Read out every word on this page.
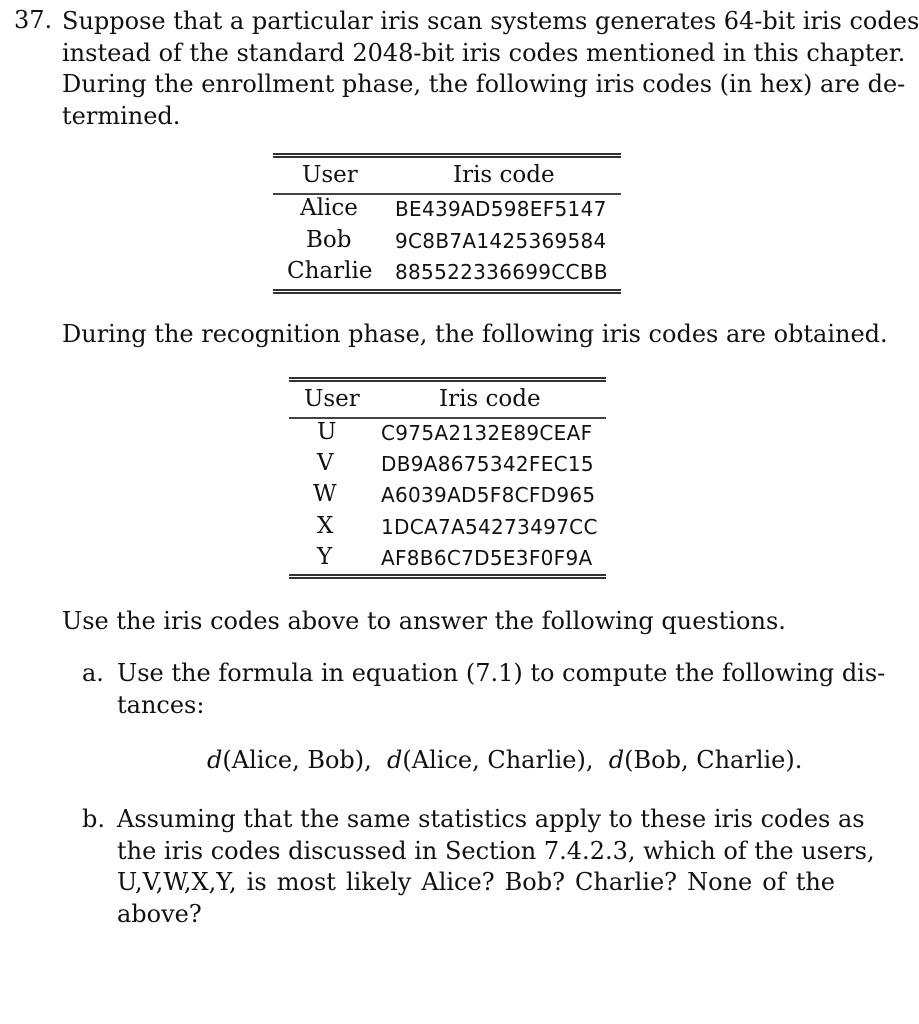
37. Suppose that a particular iris scan systems generates 64-bit iris codes
instead of the standard 2048-bit iris codes mentioned in this chapter.
During the enrollment phase, the following iris codes (in hex) are de-
termined.
User	Iris code
Alice BE439AD598EF5147
Bob 9C8B7A1425369584
Charlie 885522336699CCBB
During the recognition phase, the following iris codes are obtained.
User	Iris code
U C975A2132E89CEAF
V DB9A8675342FEC15
W A6039AD5F8CFD965
X 1DCA7A54273497CC
Y AF8B6C7D5E3F0F9A
Use the iris codes above to answer the following questions.
a. Use the formula in equation (7.1) to compute the following dis-
tances:
d(Alice, Bob), d(Alice, Charlie), d(Bob, Charlie).
b. Assuming that the same statistics apply to these iris codes as
the iris codes discussed in Section 7.4.2.3, which of the users,
U,V,W,X,Y, is most likely Alice? Bob? Charlie? None of the
above?
